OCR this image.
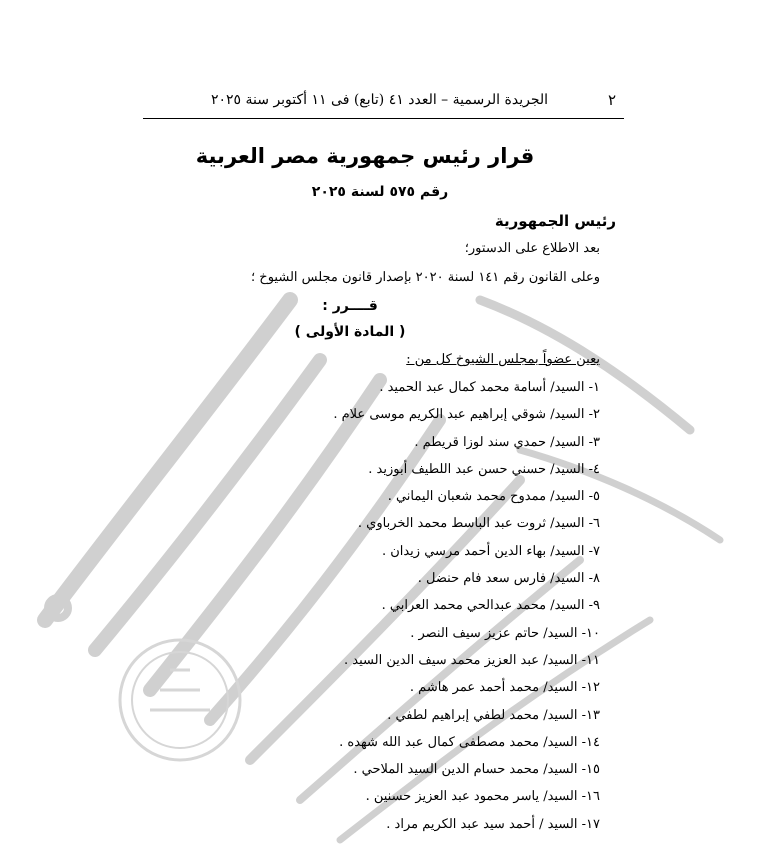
٢
الجريدة الرسمية – العدد ٤١ (تابع) فى ١١ أكتوبر سنة ٢٠٢٥
قرار رئيس جمهورية مصر العربية
رقم ٥٧٥ لسنة ٢٠٢٥
رئيس الجمهورية
بعد الاطلاع على الدستور؛
وعلى القانون رقم ١٤١ لسنة ٢٠٢٠ بإصدار قانون مجلس الشيوخ ؛
قــــرر :
( المادة الأولى )
يعين عضواً بمجلس الشيوخ كل من :
١- السيد/ أسامة محمد كمال عبد الحميد .
٢- السيد/ شوقي إبراهيم عبد الكريم موسى علام .
٣- السيد/ حمدي سند لوزا قريطم .
٤- السيد/ حسني حسن عبد اللطيف أبوزيد .
٥- السيد/ ممدوح محمد شعبان اليماني .
٦- السيد/ ثروت عبد الباسط محمد الخرباوي .
٧- السيد/ بهاء الدين أحمد مرسي زيدان .
٨- السيد/ فارس سعد فام حنضل .
٩- السيد/ محمد عبدالحي محمد العرابي .
١٠- السيد/ حاتم عزيز سيف النصر .
١١- السيد/ عبد العزيز محمد سيف الدين السيد .
١٢- السيد/ محمد أحمد عمر هاشم .
١٣- السيد/ محمد لطفي إبراهيم لطفي .
١٤- السيد/ محمد مصطفى كمال عبد الله شهده .
١٥- السيد/ محمد حسام الدين السيد الملاحي .
١٦- السيد/ ياسر محمود عبد العزيز حسنين .
١٧- السيد / أحمد سيد عبد الكريم مراد .
